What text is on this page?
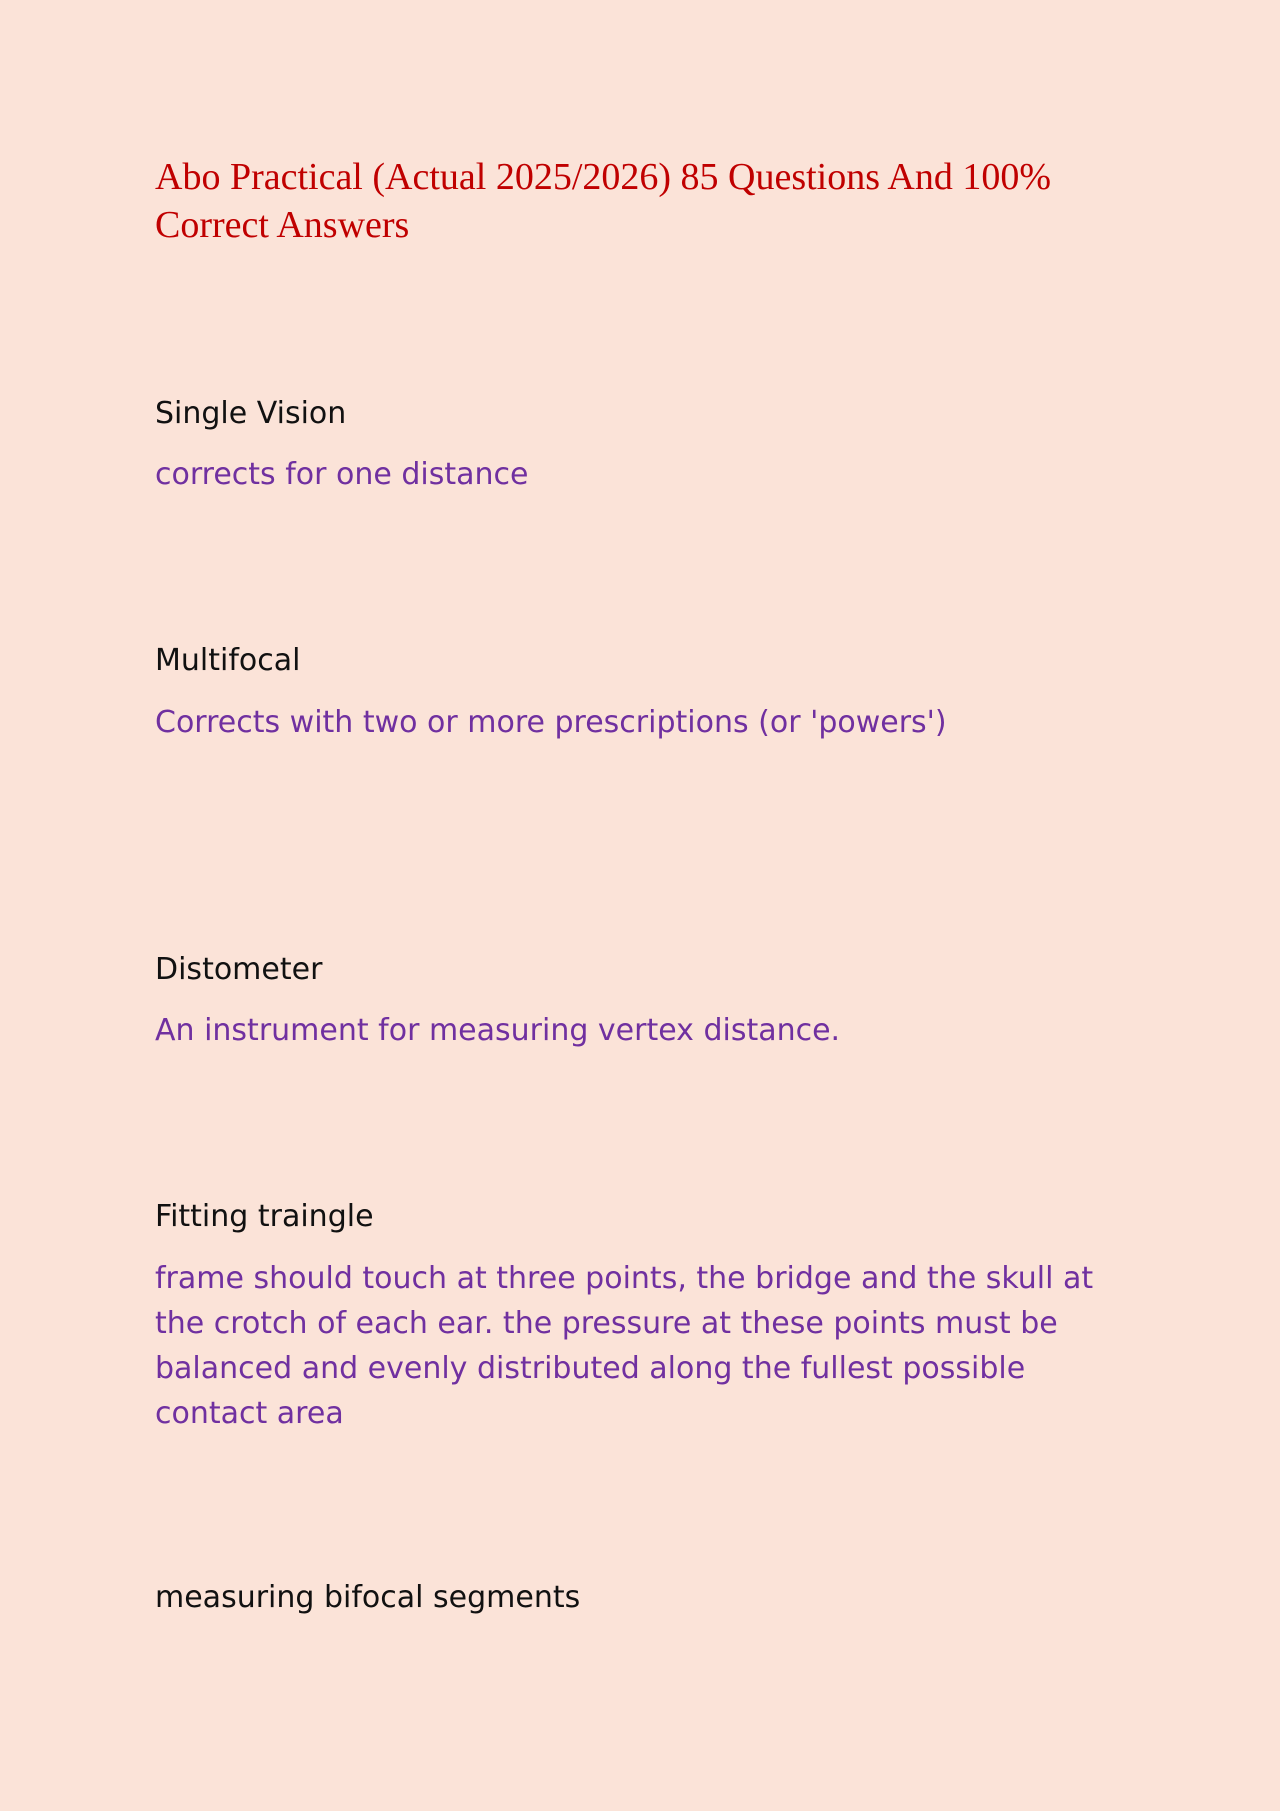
Abo Practical (Actual 2025/2026) 85 Questions And 100% Correct Answers
Single Vision
corrects for one distance
Multifocal
Corrects with two or more prescriptions (or 'powers')
Distometer
An instrument for measuring vertex distance.
Fitting traingle
frame should touch at three points, the bridge and the skull at the crotch of each ear. the pressure at these points must be balanced and evenly distributed along the fullest possible contact area
measuring bifocal segments
